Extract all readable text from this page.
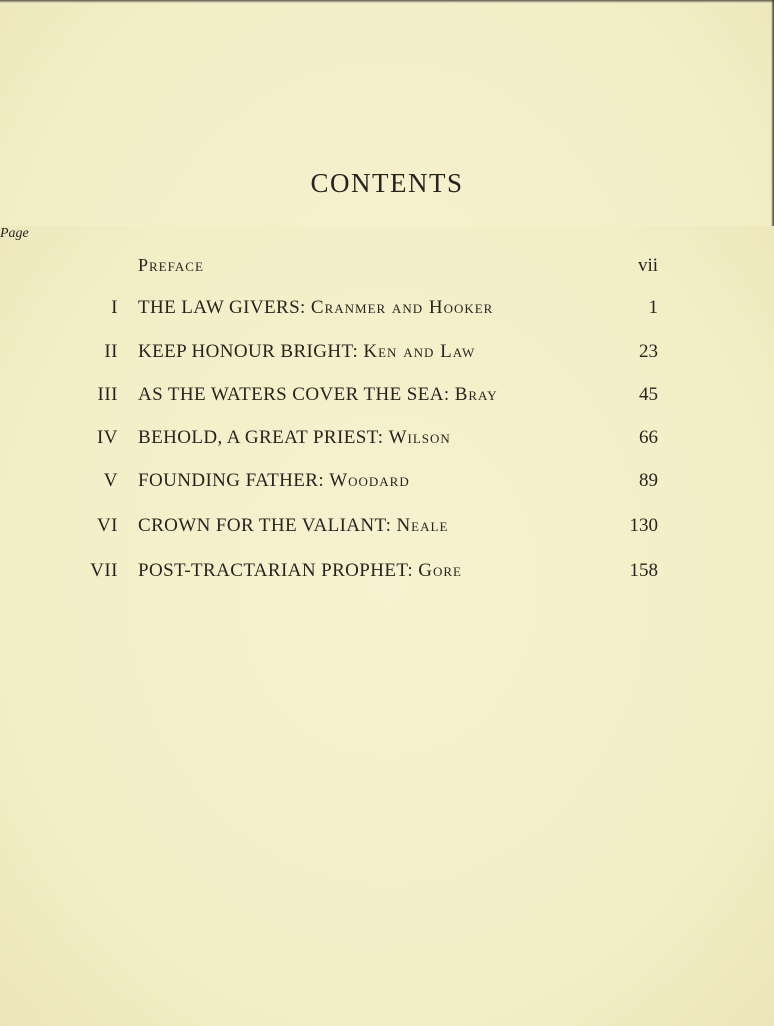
CONTENTS
Page
Preface	vii
I THE LAW GIVERS: Cranmer and Hooker	1
II KEEP HONOUR BRIGHT: Ken and Law	23
III AS THE WATERS COVER THE SEA: Bray	45
IV BEHOLD, A GREAT PRIEST: Wilson	66
V FOUNDING FATHER: Woodard	89
VI CROWN FOR THE VALIANT: Neale	130
VII POST-TRACTARIAN PROPHET: Gore	158
